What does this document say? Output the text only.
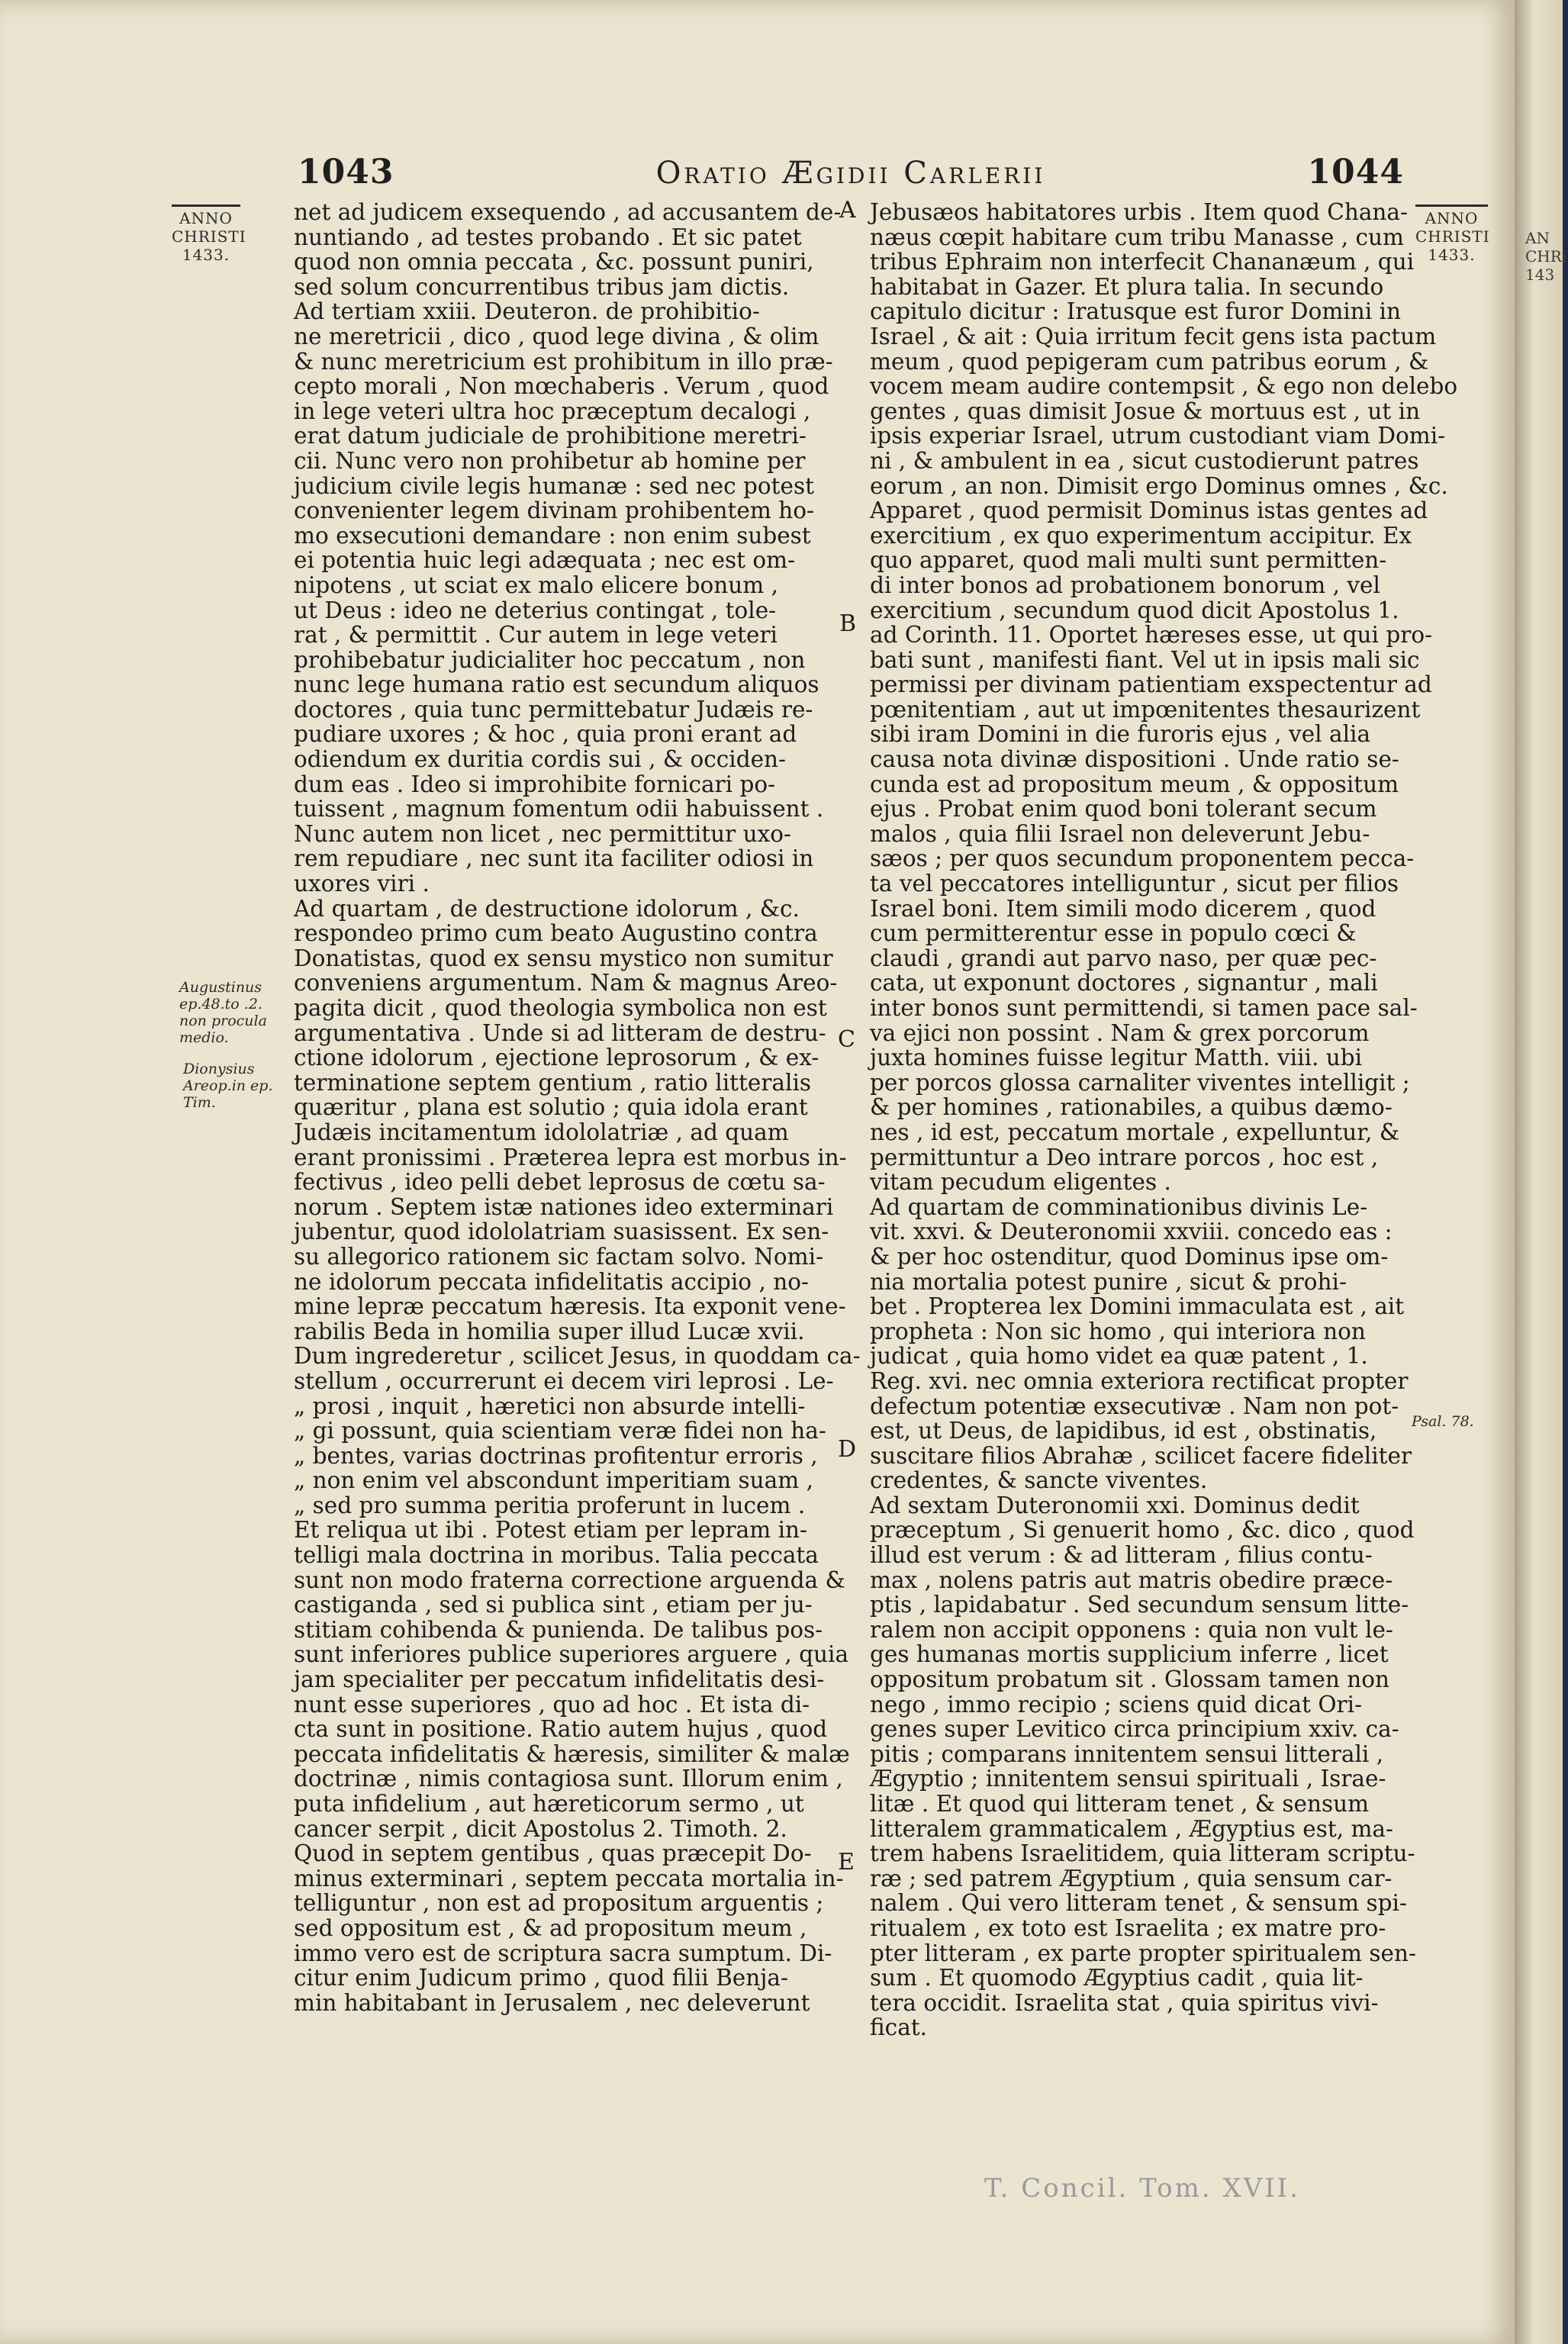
1043	Oratio Ægidii Carlerii	1044
ANNO
CHRISTI
1433.
ANNO
CHRISTI
1433.
Augustinus
ep.48.to .2.
non procula
medio.
Dionysius
Areop.in ep.
Tim.
Psal. 78.
A
B
C
D
E
net ad judicem exsequendo , ad accusantem de-
nuntiando , ad testes probando . Et sic patet
quod non omnia peccata , &c. possunt puniri,
sed solum concurrentibus tribus jam dictis.
Ad tertiam xxiii. Deuteron. de prohibitio-
ne meretricii , dico , quod lege divina , & olim
& nunc meretricium est prohibitum in illo præ-
cepto morali , Non mœchaberis . Verum , quod
in lege veteri ultra hoc præceptum decalogi ,
erat datum judiciale de prohibitione meretri-
cii. Nunc vero non prohibetur ab homine per
judicium civile legis humanæ : sed nec potest
convenienter legem divinam prohibentem ho-
mo exsecutioni demandare : non enim subest
ei potentia huic legi adæquata ; nec est om-
nipotens , ut sciat ex malo elicere bonum ,
ut Deus : ideo ne deterius contingat , tole-
rat , & permittit . Cur autem in lege veteri
prohibebatur judicialiter hoc peccatum , non
nunc lege humana ratio est secundum aliquos
doctores , quia tunc permittebatur Judæis re-
pudiare uxores ; & hoc , quia proni erant ad
odiendum ex duritia cordis sui , & occiden-
dum eas . Ideo si improhibite fornicari po-
tuissent , magnum fomentum odii habuissent .
Nunc autem non licet , nec permittitur uxo-
rem repudiare , nec sunt ita faciliter odiosi in
uxores viri .
Ad quartam , de destructione idolorum , &c.
respondeo primo cum beato Augustino contra
Donatistas, quod ex sensu mystico non sumitur
conveniens argumentum. Nam & magnus Areo-
pagita dicit , quod theologia symbolica non est
argumentativa . Unde si ad litteram de destru-
ctione idolorum , ejectione leprosorum , & ex-
terminatione septem gentium , ratio litteralis
quæritur , plana est solutio ; quia idola erant
Judæis incitamentum idololatriæ , ad quam
erant pronissimi . Præterea lepra est morbus in-
fectivus , ideo pelli debet leprosus de cœtu sa-
norum . Septem istæ nationes ideo exterminari
jubentur, quod idololatriam suasissent. Ex sen-
su allegorico rationem sic factam solvo. Nomi-
ne idolorum peccata infidelitatis accipio , no-
mine lepræ peccatum hæresis. Ita exponit vene-
rabilis Beda in homilia super illud Lucæ xvii.
Dum ingrederetur , scilicet Jesus, in quoddam ca-
stellum , occurrerunt ei decem viri leprosi . Le-
„ prosi , inquit , hæretici non absurde intelli-
„ gi possunt, quia scientiam veræ fidei non ha-
„ bentes, varias doctrinas profitentur erroris ,
„ non enim vel abscondunt imperitiam suam ,
„ sed pro summa peritia proferunt in lucem .
Et reliqua ut ibi . Potest etiam per lepram in-
telligi mala doctrina in moribus. Talia peccata
sunt non modo fraterna correctione arguenda &
castiganda , sed si publica sint , etiam per ju-
stitiam cohibenda & punienda. De talibus pos-
sunt inferiores publice superiores arguere , quia
jam specialiter per peccatum infidelitatis desi-
nunt esse superiores , quo ad hoc . Et ista di-
cta sunt in positione. Ratio autem hujus , quod
peccata infidelitatis & hæresis, similiter & malæ
doctrinæ , nimis contagiosa sunt. Illorum enim ,
puta infidelium , aut hæreticorum sermo , ut
cancer serpit , dicit Apostolus 2. Timoth. 2.
Quod in septem gentibus , quas præcepit Do-
minus exterminari , septem peccata mortalia in-
telliguntur , non est ad propositum arguentis ;
sed oppositum est , & ad propositum meum ,
immo vero est de scriptura sacra sumptum. Di-
citur enim Judicum primo , quod filii Benja-
min habitabant in Jerusalem , nec deleverunt
Jebusæos habitatores urbis . Item quod Chana-
næus cœpit habitare cum tribu Manasse , cum
tribus Ephraim non interfecit Chananæum , qui
habitabat in Gazer. Et plura talia. In secundo
capitulo dicitur : Iratusque est furor Domini in
Israel , & ait : Quia irritum fecit gens ista pactum
meum , quod pepigeram cum patribus eorum , &
vocem meam audire contempsit , & ego non delebo
gentes , quas dimisit Josue & mortuus est , ut in
ipsis experiar Israel, utrum custodiant viam Domi-
ni , & ambulent in ea , sicut custodierunt patres
eorum , an non. Dimisit ergo Dominus omnes , &c.
Apparet , quod permisit Dominus istas gentes ad
exercitium , ex quo experimentum accipitur. Ex
quo apparet, quod mali multi sunt permitten-
di inter bonos ad probationem bonorum , vel
exercitium , secundum quod dicit Apostolus 1.
ad Corinth. 11. Oportet hæreses esse, ut qui pro-
bati sunt , manifesti fiant. Vel ut in ipsis mali sic
permissi per divinam patientiam exspectentur ad
pœnitentiam , aut ut impœnitentes thesaurizent
sibi iram Domini in die furoris ejus , vel alia
causa nota divinæ dispositioni . Unde ratio se-
cunda est ad propositum meum , & oppositum
ejus . Probat enim quod boni tolerant secum
malos , quia filii Israel non deleverunt Jebu-
sæos ; per quos secundum proponentem pecca-
ta vel peccatores intelliguntur , sicut per filios
Israel boni. Item simili modo dicerem , quod
cum permitterentur esse in populo cœci &
claudi , grandi aut parvo naso, per quæ pec-
cata, ut exponunt doctores , signantur , mali
inter bonos sunt permittendi, si tamen pace sal-
va ejici non possint . Nam & grex porcorum
juxta homines fuisse legitur Matth. viii. ubi
per porcos glossa carnaliter viventes intelligit ;
& per homines , rationabiles, a quibus dæmo-
nes , id est, peccatum mortale , expelluntur, &
permittuntur a Deo intrare porcos , hoc est ,
vitam pecudum eligentes .
Ad quartam de comminationibus divinis Le-
vit. xxvi. & Deuteronomii xxviii. concedo eas :
& per hoc ostenditur, quod Dominus ipse om-
nia mortalia potest punire , sicut & prohi-
bet . Propterea lex Domini immaculata est , ait
propheta : Non sic homo , qui interiora non
judicat , quia homo videt ea quæ patent , 1.
Reg. xvi. nec omnia exteriora rectificat propter
defectum potentiæ exsecutivæ . Nam non pot-
est, ut Deus, de lapidibus, id est , obstinatis,
suscitare filios Abrahæ , scilicet facere fideliter
credentes, & sancte viventes.
Ad sextam Duteronomii xxi. Dominus dedit
præceptum , Si genuerit homo , &c. dico , quod
illud est verum : & ad litteram , filius contu-
max , nolens patris aut matris obedire præce-
ptis , lapidabatur . Sed secundum sensum litte-
ralem non accipit opponens : quia non vult le-
ges humanas mortis supplicium inferre , licet
oppositum probatum sit . Glossam tamen non
nego , immo recipio ; sciens quid dicat Ori-
genes super Levitico circa principium xxiv. ca-
pitis ; comparans innitentem sensui litterali ,
Ægyptio ; innitentem sensui spirituali , Israe-
litæ . Et quod qui litteram tenet , & sensum
litteralem grammaticalem , Ægyptius est, ma-
trem habens Israelitidem, quia litteram scriptu-
ræ ; sed patrem Ægyptium , quia sensum car-
nalem . Qui vero litteram tenet , & sensum spi-
ritualem , ex toto est Israelita ; ex matre pro-
pter litteram , ex parte propter spiritualem sen-
sum . Et quomodo Ægyptius cadit , quia lit-
tera occidit. Israelita stat , quia spiritus vivi-
ficat.
T. Concil. Tom. XVII.
AN
CHRI
143
